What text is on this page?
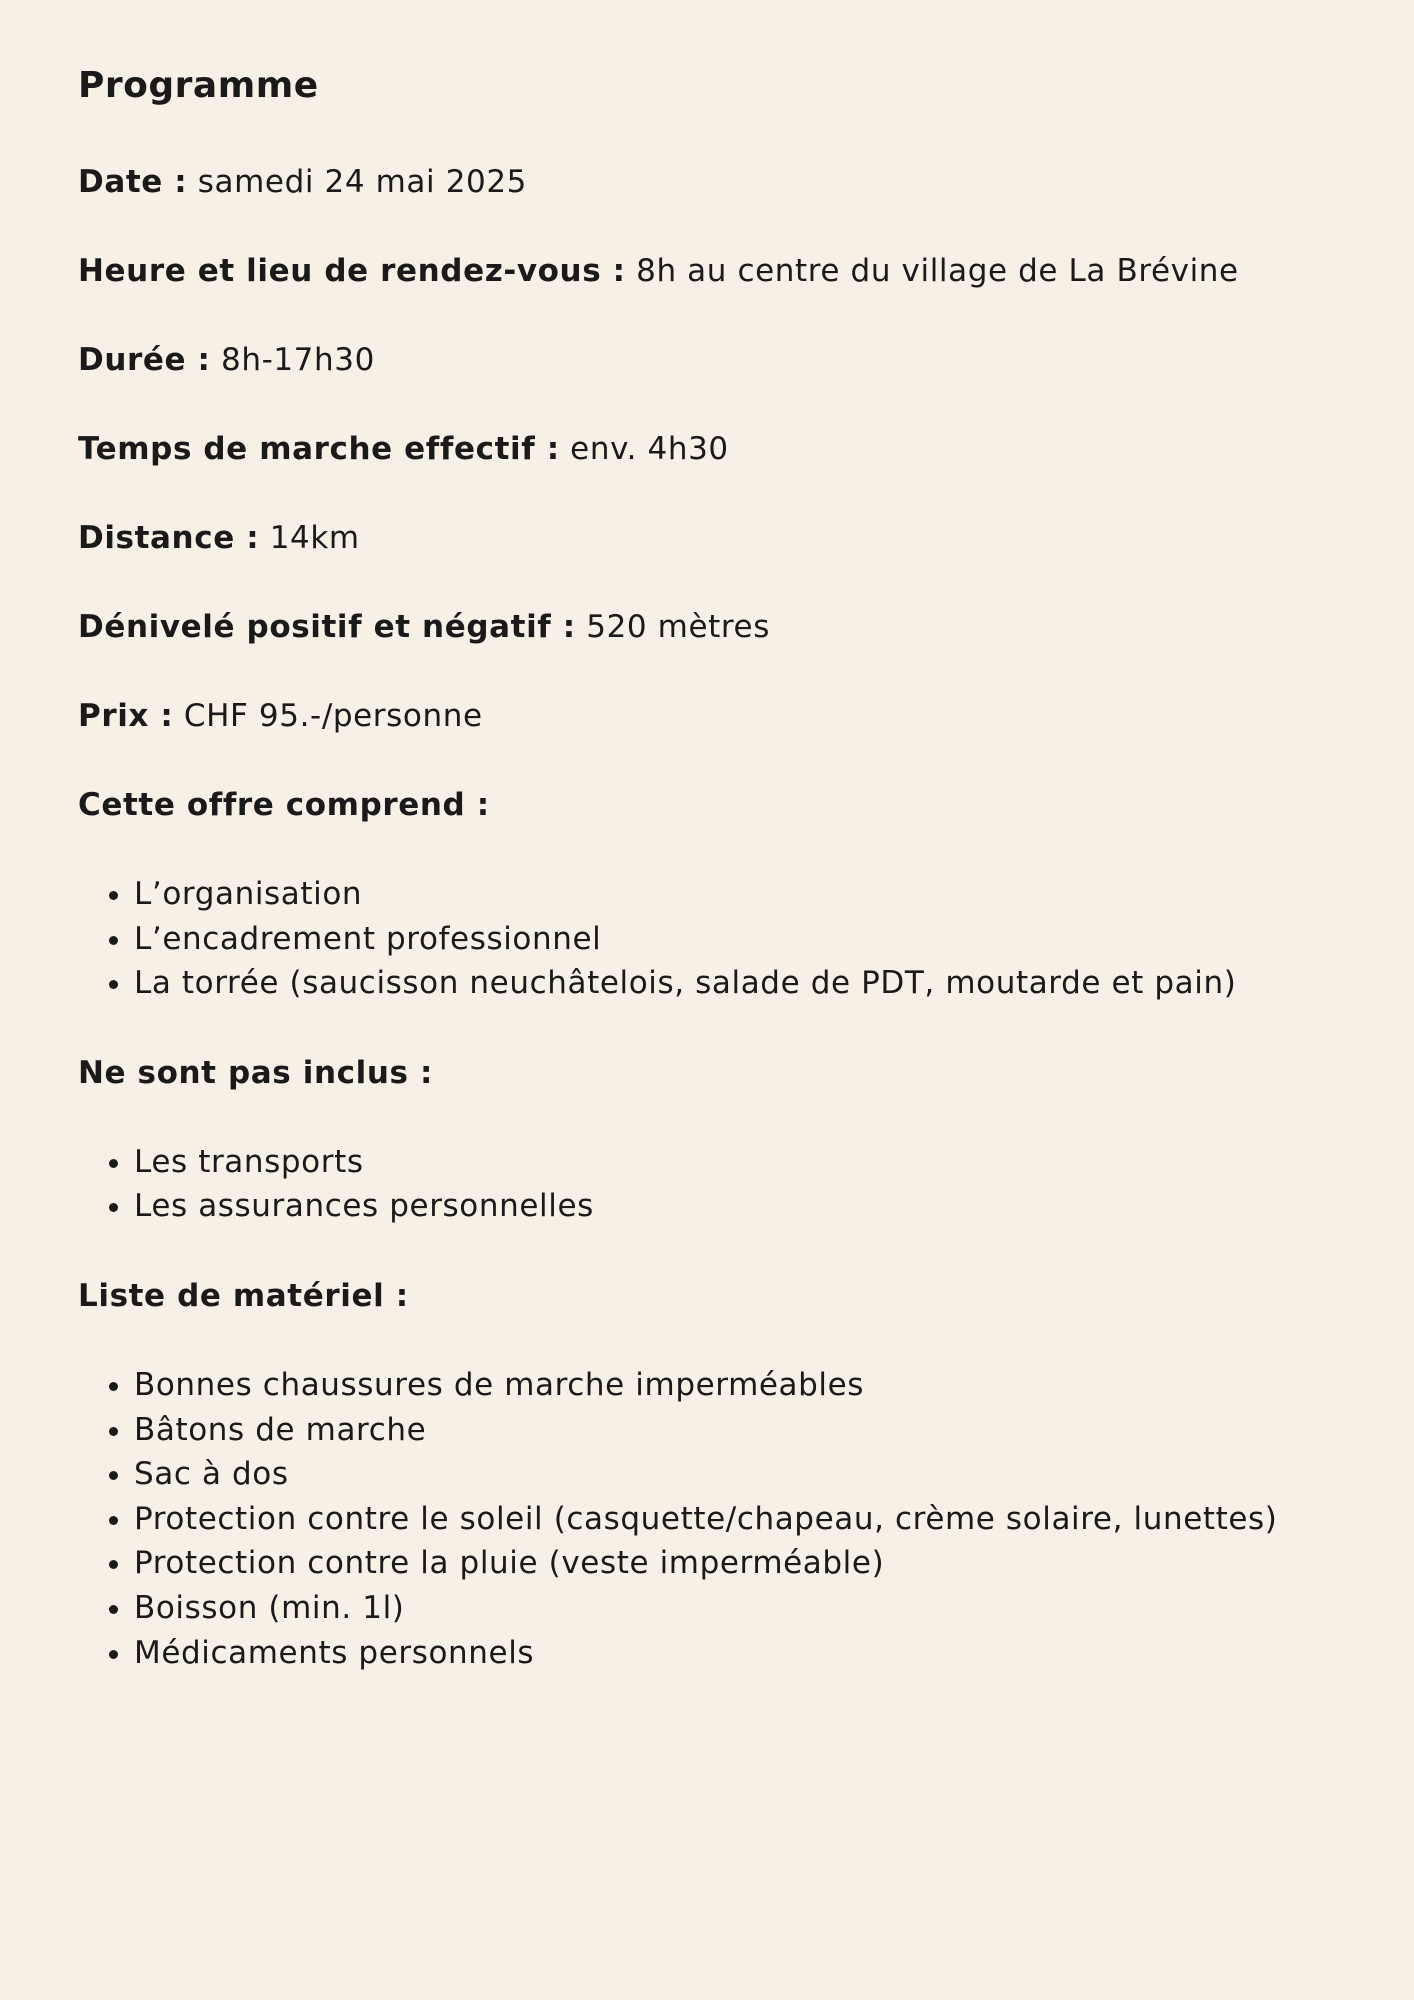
Programme

Date : samedi 24 mai 2025

Heure et lieu de rendez-vous : 8h au centre du village de La Brévine

Durée : 8h-17h30

Temps de marche effectif : env. 4h30

Distance : 14km

Dénivelé positif et négatif : 520 mètres

Prix : CHF 95.-/personne

Cette offre comprend :

• L’organisation
• L’encadrement professionnel
• La torrée (saucisson neuchâtelois, salade de PDT, moutarde et pain)

Ne sont pas inclus :

• Les transports
• Les assurances personnelles

Liste de matériel :

• Bonnes chaussures de marche imperméables
• Bâtons de marche
• Sac à dos
• Protection contre le soleil (casquette/chapeau, crème solaire, lunettes)
• Protection contre la pluie (veste imperméable)
• Boisson (min. 1l)
• Médicaments personnels
